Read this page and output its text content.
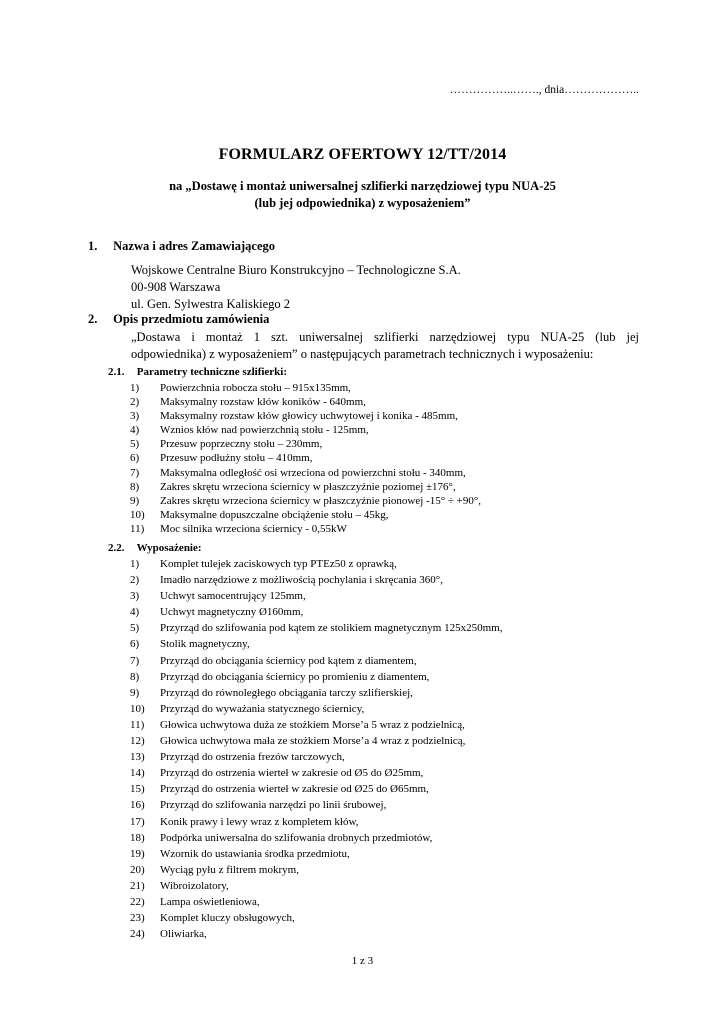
……………..……., dnia………………..
FORMULARZ OFERTOWY 12/TT/2014
na „Dostawę i montaż uniwersalnej szlifierki narzędziowej typu NUA-25
(lub jej odpowiednika) z wyposażeniem”
1. Nazwa i adres Zamawiającego
Wojskowe Centralne Biuro Konstrukcyjno – Technologiczne S.A.
00-908 Warszawa
ul. Gen. Sylwestra Kaliskiego 2
2. Opis przedmiotu zamówienia

„Dostawa i montaż 1 szt. uniwersalnej szlifierki narzędziowej typu NUA-25 (lub jej

odpowiednika) z wyposażeniem” o następujących parametrach technicznych i wyposażeniu:

2.1. Parametry techniczne szlifierki:
1) Powierzchnia robocza stołu – 915x135mm,
2) Maksymalny rozstaw kłów koników - 640mm,
3) Maksymalny rozstaw kłów głowicy uchwytowej i konika - 485mm,
4) Wznios kłów nad powierzchnią stołu - 125mm,
5) Przesuw poprzeczny stołu – 230mm,
6) Przesuw podłużny stołu – 410mm,
7) Maksymalna odległość osi wrzeciona od powierzchni stołu - 340mm,
8) Zakres skrętu wrzeciona ściernicy w płaszczyźnie poziomej ±176°,
9) Zakres skrętu wrzeciona ściernicy w płaszczyźnie pionowej -15° ÷ +90°,
10) Maksymalne dopuszczalne obciążenie stołu – 45kg,
11) Moc silnika wrzeciona ściernicy - 0,55kW
2.2. Wyposażenie:
1) Komplet tulejek zaciskowych typ PTEz50 z oprawką,
2) Imadło narzędziowe z możliwością pochylania i skręcania 360°,
3) Uchwyt samocentrujący 125mm,
4) Uchwyt magnetyczny Ø160mm,
5) Przyrząd do szlifowania pod kątem ze stolikiem magnetycznym 125x250mm,
6) Stolik magnetyczny,
7) Przyrząd do obciągania ściernicy pod kątem z diamentem,
8) Przyrząd do obciągania ściernicy po promieniu z diamentem,
9) Przyrząd do równoległego obciągania tarczy szlifierskiej,
10) Przyrząd do wyważania statycznego ściernicy,
11) Głowica uchwytowa duża ze stożkiem Morse’a 5 wraz z podzielnicą,
12) Głowica uchwytowa mała ze stożkiem Morse’a 4 wraz z podzielnicą,
13) Przyrząd do ostrzenia frezów tarczowych,
14) Przyrząd do ostrzenia wierteł w zakresie od Ø5 do Ø25mm,
15) Przyrząd do ostrzenia wierteł w zakresie od Ø25 do Ø65mm,
16) Przyrząd do szlifowania narzędzi po linii śrubowej,
17) Konik prawy i lewy wraz z kompletem kłów,
18) Podpórka uniwersalna do szlifowania drobnych przedmiotów,
19) Wzornik do ustawiania środka przedmiotu,
20) Wyciąg pyłu z filtrem mokrym,
21) Wibroizolatory,
22) Lampa oświetleniowa,
23) Komplet kluczy obsługowych,
24) Oliwiarka,
1 z 3
